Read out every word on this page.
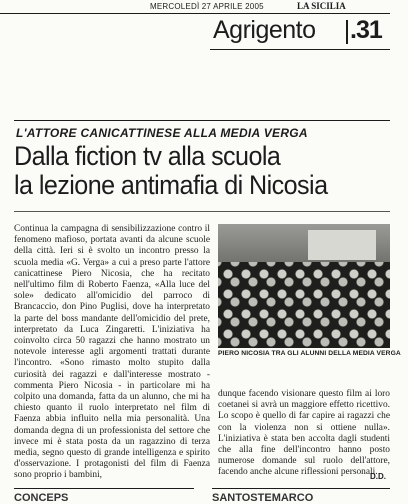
MERCOLEDÌ 27 APRILE 2005	LA SICILIA
Agrigento .31
L'ATTORE CANICATTINESE ALLA MEDIA VERGA
Dalla fiction tv alla scuola
la lezione antimafia di Nicosia
Continua la campagna di sensibilizzazione contro il fenomeno mafioso, portata avanti da alcune scuole della città. Ieri si è svolto un incontro presso la scuola media «G. Verga» a cui a preso parte l'attore canicattinese Piero Nicosia, che ha recitato nell'ultimo film di Roberto Faenza, «Alla luce del sole» dedicato all'omicidio del parroco di Brancaccio, don Pino Puglisi, dove ha interpretato la parte del boss mandante dell'omicidio del prete, interpretato da Luca Zingaretti. L'iniziativa ha coinvolto circa 50 ragazzi che hanno mostrato un notevole interesse agli argomenti trattati durante l'incontro. «Sono rimasto molto stupito dalla curiosità dei ragazzi e dall'interesse mostrato - commenta Piero Nicosia - in particolare mi ha colpito una domanda, fatta da un alunno, che mi ha chiesto quanto il ruolo interpretato nel film di Faenza abbia influito nella mia personalità. Una domanda degna di un professionista del settore che invece mi è stata posta da un ragazzino di terza media, segno questo di grande intelligenza e spirito d'osservazione. I protagonisti del film di Faenza sono proprio i bambini,
PIERO NICOSIA TRA GLI ALUNNI DELLA MEDIA VERGA
dunque facendo visionare questo film ai loro coetanei si avrà un maggiore effetto ricettivo. Lo scopo è quello di far capire ai ragazzi che con la violenza non si ottiene nulla». L'iniziativa è stata ben accolta dagli studenti che alla fine dell'incontro hanno posto numerose domande sul ruolo dell'attore, facendo anche alcune riflessioni personali.
D.D.
CONCEPS	SANTOSTEMARCO
